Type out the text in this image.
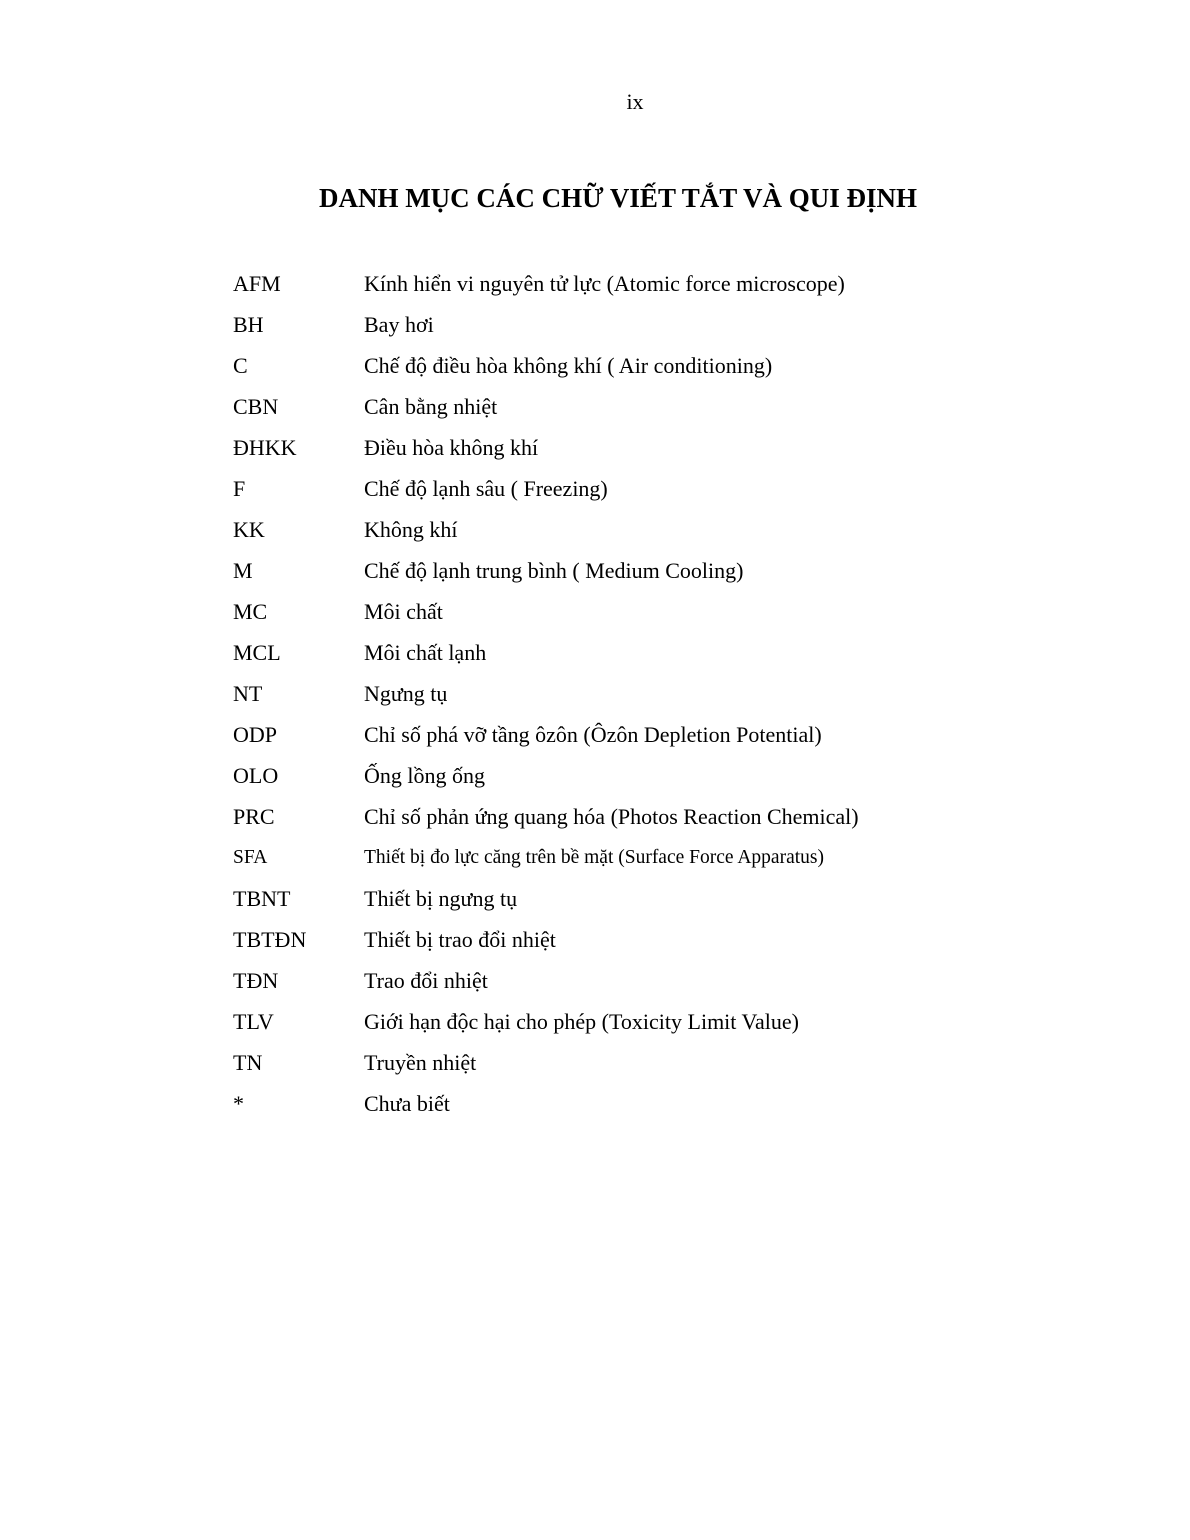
ix
DANH MỤC CÁC CHỮ VIẾT TẮT VÀ QUI ĐỊNH
AFM	Kính hiển vi nguyên tử lực (Atomic force microscope)
BH	Bay hơi
C	Chế độ điều hòa không khí ( Air conditioning)
CBN	Cân bằng nhiệt
ĐHKK	Điều hòa không khí
F	Chế độ lạnh sâu ( Freezing)
KK	Không khí
M	Chế độ lạnh trung bình ( Medium Cooling)
MC	Môi chất
MCL	Môi chất lạnh
NT	Ngưng tụ
ODP	Chỉ số phá vỡ tầng ôzôn (Ôzôn Depletion Potential)
OLO	Ống lồng ống
PRC	Chỉ số phản ứng quang hóa (Photos Reaction Chemical)
SFA	Thiết bị đo lực căng trên bề mặt (Surface Force Apparatus)
TBNT	Thiết bị ngưng tụ
TBTĐN	Thiết bị trao đổi nhiệt
TĐN	Trao đổi nhiệt
TLV	Giới hạn độc hại cho phép (Toxicity Limit Value)
TN	Truyền nhiệt
*	Chưa biết
